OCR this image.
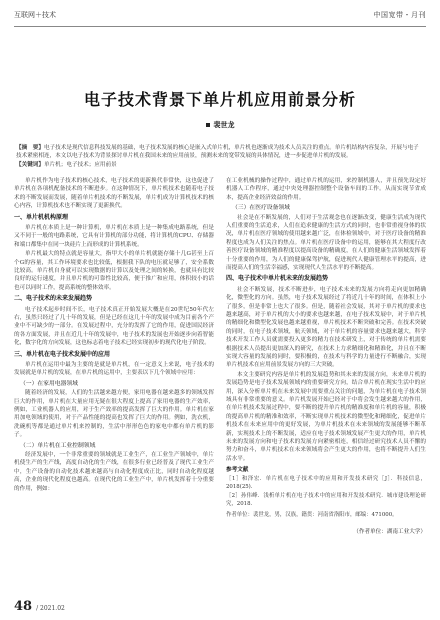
互联网＋技术	中国宽带・月刊
电子技术背景下单片机应用前景分析
裴世龙

【摘　要】电子技术是现代信息科技发展的基础，电子技术发展的核心是嵌入式单片机，单片机也逐渐成为技术人员关注的重点。单片机结构内容复杂，开展与电子技术紧密相连，本文以电子技术为背景探讨单片机在我国未来的应用前景，预测未来的宽带发展的具体情况，进一步促进单片机的发展。

【关键词】单片机；电子技术；应用前景

单片机作为电子技术的核心技术，电子技术的更新换代非常快，这也促进了单片机在各项机配备技术的不断进步。在这种情况下，单片机技术也随着电子技术的不断发展而发展，随着单片机技术的不断发展，单片机成为计算机技术的核心内容，计算机技术也不断实现了更新换代。

一、单片机机构原理

单片机在本质上是一种计算机，单片机在本质上是一种集成电路系统，但是又不同于一般的电路系统，它具有计算机的部分功能，将计算机的CPU、存储器和端口都集中在同一块硅片上而形成的计算机系统。

单片机最大的特点就是容量大，指甲大小的单片机就能存储十几G甚至上百个G的容量，其工作环境要求也比较低，根据我下队的电压就足够了，安全系数比较高。单片机自身就可以实现数据的计算以及处理之间的转换，也就具有比较良好的运行速度，并且单片机的可靠性比较高，便于推广和应用，体积较小的话也可以同时工作，提高系统的整体效率。

二、电子技术的未来发展趋势

电子技术起步时间不长，电子技术真正开始发展大概是在20世纪50年代左右，虽然只经过了几十年的发展，但是已经在这几十年的发展中成为目前各个产业中不可缺少的一部分。在发展过程中，充分的发挥了它的作用，促进国民经济的各方面发展，并且在近几十年的发展中，电子技术的发展也开始逐步向着智能化，数字化的方向发展，这也标志着电子技术已经实现初步的现代化电子阶段。

三、单片机在电子技术发展中的应用

单片机在运用中最为主要的是就是单片机，在一定意义上来说，电子技术的发展就是单片机的发展，在单片机的运用中，主要表以下几个领域中应用：

（一）在家用电器领域

随着经济的发展，人们的生活越来越方便，家用电器在越来越多的领域发挥巨大的作用，单片机在大量应用无疑在很大程度上提高了家用电器的生产效率，例如，工业机器人的应用，对于生产效率的提高发挥了巨大的作用。单片机在家用加电领域的使用，对于产品性能的提高也发挥了巨大的作用。例如，洗衣机，洗碗机等都是通过单片机来控制的，生活中形形色色的家电中都有单片机的影子。

（二）单片机在工业控制领域

经济发展中，一个非常重要的领域就是工业生产，在工业生产领域中，单片机使生产的生产线，高度自动化的生产线，在很多行业已经普及了现代工业生产中，生产设备的自动化技术越来越高与自动化程度成正比，同时自动化程度越高，企业的现代化程度也越高。在现代化的工业生产中，单片机发挥着十分重要的作用，例如：

在工业机械的操作过程中，通过单片机的运用，来控制机器人，并且预先设定好机器人工作程序，通过中央处理器控制整个设备车间的工作。从而实现节省成本，提高企业经济效益的作用。

（三）在医疗设备领域

社会是在不断发展的，人们对于生活观念也在逐渐改变，健康生活成为现代人们重要的生活追求，人们在追求健康的生活方式的同时，也非常重视身体的状况，单片机在医疗领域的使用越来越广泛，在体检领域中，对于医疗设备的精准程度也成为人们关注的焦点。单片机在医疗设备中的运用，能够在其大程度行改善医疗设备领域的精准程度以提高设备的精确度，在人们的健康生活领域发挥着十分重要的作用，为人们的健康保驾护航，促进现代人健康管理水平的提高，进而提高人们的生活幸福感，实现现代人生活水平的不断提高。

四、电子技术中单片机未来的发展趋势

社会不断发展，技术不断进步，电子技术未来的发展方向将走向更加精确化，微型化的方向。虽然，电子技术发展经过了将近几十年的时间，在体积上小了很多，但是非常上也大了很多。但是，随着社会发展，其对于单片机的要求也越来越高，对于单片机的大小的要求也越来越，在电子技术发展中，对于单片机的精细化和微型化发展也越来越重视，单片机技术不断突破和完善。在技术突破的同时，在电子技术领域，航天领域，对于单片机的容量要求也越来越大，科学技术开发工作人员就需要投入更多的精力在技术研发上，对于传统的单片机需要根据技术人员提出更加深入的研究，在技术上力求精细化和精准化，并且在不断实现大容量的发展的同时，要积极的，在技术与科学的力量进行不断融合，实现单片机技术在应用前景发展方向的三大突破。

本文主要研究内容是单片机的发展趋势和其未来的发展方向，未来单片机的发展趋势是电子技术发展领域内的重要研究方向，结合单片机在现实生活中的应用，深入分析单片机在未来发展中需要重点关注的问题，为单片机在电子技术领域具有非常重要的意义。单片机发展开始已经对于中将会发生越来越大的作用，在单片机技术发展过程中，要不断的提升单片机的精准度和单片机的容量，积极的提高单片机的精准和效率，不断实现单片机技术的微型化和精细化，促进单片机技术在未来应用中的更好发展，为单片机技术在未来领域的发展能够不断革新，实现技术上的不断发展，适应在电子技术领域发展产生更大的作用，单片机未来的发展方向和电子技术的发展方向紧密相连，相信经过研究技术人员不懈的努力和奋斗，单片机技术在未来领域将会产生更大的作用，也将不断提升人们生活水平。

参考文献

［1］和泽宏．单片机在电子技术中的应用和开发技术研究［J］．科技信息，2018(25)．

［2］孙伟峰．浅析单片机在电子技术中的应用和开发技术研究．城市建设理论研究，2018．

作者单位：裴世龙，男，汉族，籍贯：河南省洛阳市，邮编：471000。

（作者单位：湖南工业大学）

48 / 2021.02
